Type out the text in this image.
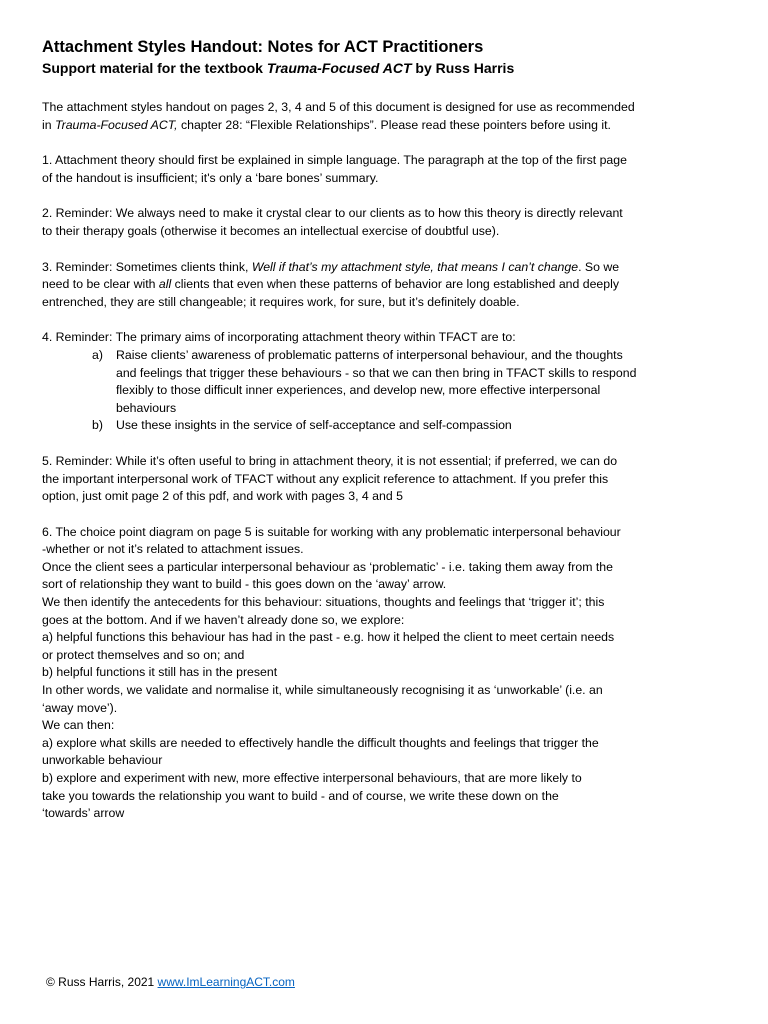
Attachment Styles Handout: Notes for ACT Practitioners
Support material for the textbook Trauma-Focused ACT by Russ Harris
The attachment styles handout on pages 2, 3, 4 and 5 of this document is designed for use as recommended
in Trauma-Focused ACT, chapter 28: “Flexible Relationships”. Please read these pointers before using it.
1. Attachment theory should first be explained in simple language. The paragraph at the top of the first page
of the handout is insufficient; it's only a ‘bare bones’ summary.
2. Reminder: We always need to make it crystal clear to our clients as to how this theory is directly relevant
to their therapy goals (otherwise it becomes an intellectual exercise of doubtful use).
3. Reminder: Sometimes clients think, Well if that’s my attachment style, that means I can’t change. So we
need to be clear with all clients that even when these patterns of behavior are long established and deeply
entrenched, they are still changeable; it requires work, for sure, but it’s definitely doable.
4. Reminder: The primary aims of incorporating attachment theory within TFACT are to:
a) Raise clients’ awareness of problematic patterns of interpersonal behaviour, and the thoughts
and feelings that trigger these behaviours - so that we can then bring in TFACT skills to respond
flexibly to those difficult inner experiences, and develop new, more effective interpersonal
behaviours
b) Use these insights in the service of self-acceptance and self-compassion
5. Reminder: While it’s often useful to bring in attachment theory, it is not essential; if preferred, we can do
the important interpersonal work of TFACT without any explicit reference to attachment. If you prefer this
option, just omit page 2 of this pdf, and work with pages 3, 4 and 5
6. The choice point diagram on page 5 is suitable for working with any problematic interpersonal behaviour
-whether or not it’s related to attachment issues.
Once the client sees a particular interpersonal behaviour as ‘problematic’ - i.e. taking them away from the
sort of relationship they want to build - this goes down on the ‘away’ arrow.
We then identify the antecedents for this behaviour: situations, thoughts and feelings that ‘trigger it’; this
goes at the bottom. And if we haven’t already done so, we explore:
a) helpful functions this behaviour has had in the past - e.g. how it helped the client to meet certain needs
or protect themselves and so on; and
b) helpful functions it still has in the present
In other words, we validate and normalise it, while simultaneously recognising it as ‘unworkable’ (i.e. an
‘away move’).
We can then:
a) explore what skills are needed to effectively handle the difficult thoughts and feelings that trigger the
unworkable behaviour
b) explore and experiment with new, more effective interpersonal behaviours, that are more likely to
take you towards the relationship you want to build - and of course, we write these down on the
‘towards’ arrow
© Russ Harris, 2021 www.ImLearningACT.com
